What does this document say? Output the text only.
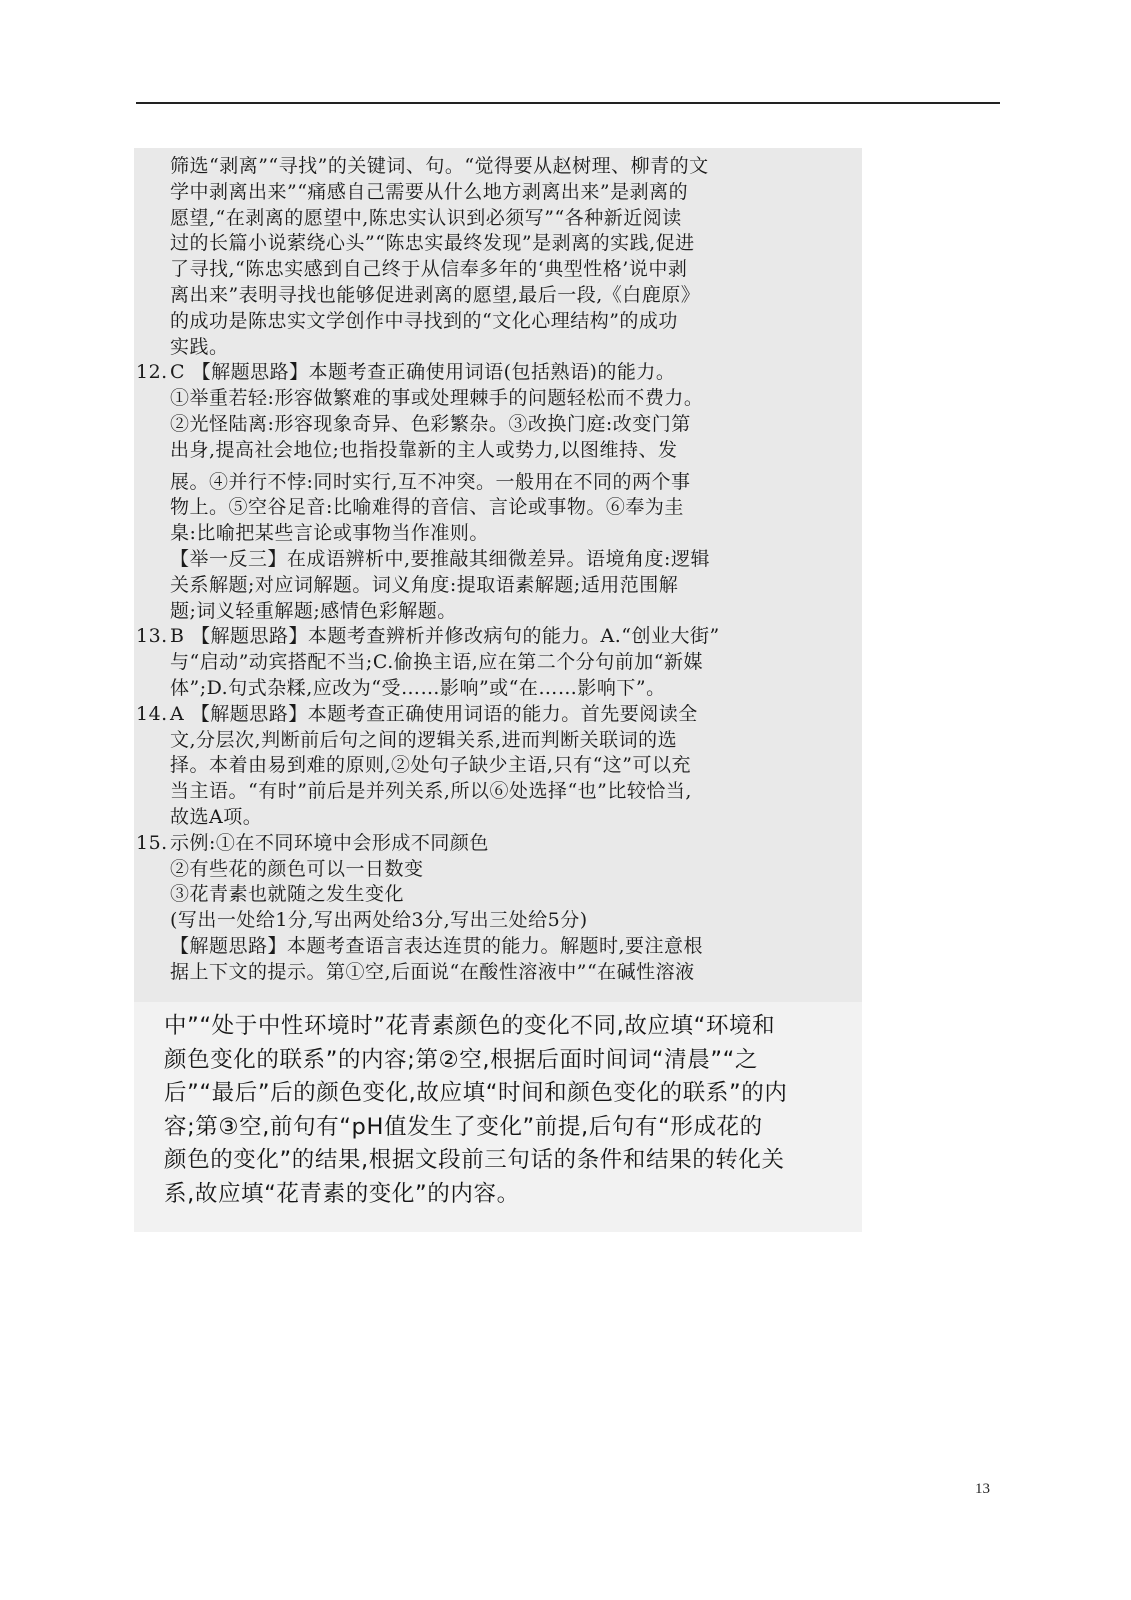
筛选“剥离”“寻找”的关键词、句。“觉得要从赵树理、柳青的文
学中剥离出来”“痛感自己需要从什么地方剥离出来”是剥离的
愿望,“在剥离的愿望中,陈忠实认识到必须写”“各种新近阅读
过的长篇小说萦绕心头”“陈忠实最终发现”是剥离的实践,促进
了寻找,“陈忠实感到自己终于从信奉多年的‘典型性格’说中剥
离出来”表明寻找也能够促进剥离的愿望,最后一段,《白鹿原》
的成功是陈忠实文学创作中寻找到的“文化心理结构”的成功
实践。
12. C 【解题思路】本题考查正确使用词语(包括熟语)的能力。
①举重若轻:形容做繁难的事或处理棘手的问题轻松而不费力。
②光怪陆离:形容现象奇异、色彩繁杂。③改换门庭:改变门第
出身,提高社会地位;也指投靠新的主人或势力,以图维持、发
展。④并行不悖:同时实行,互不冲突。一般用在不同的两个事
物上。⑤空谷足音:比喻难得的音信、言论或事物。⑥奉为圭
臬:比喻把某些言论或事物当作准则。
【举一反三】在成语辨析中,要推敲其细微差异。语境角度:逻辑
关系解题;对应词解题。词义角度:提取语素解题;适用范围解
题;词义轻重解题;感情色彩解题。
13. B 【解题思路】本题考查辨析并修改病句的能力。A.“创业大街”
与“启动”动宾搭配不当;C.偷换主语,应在第二个分句前加“新媒
体”;D.句式杂糅,应改为“受……影响”或“在……影响下”。
14. A 【解题思路】本题考查正确使用词语的能力。首先要阅读全
文,分层次,判断前后句之间的逻辑关系,进而判断关联词的选
择。本着由易到难的原则,②处句子缺少主语,只有“这”可以充
当主语。“有时”前后是并列关系,所以⑥处选择“也”比较恰当,
故选A项。
15. 示例:①在不同环境中会形成不同颜色
②有些花的颜色可以一日数变
③花青素也就随之发生变化
(写出一处给1分,写出两处给3分,写出三处给5分)
【解题思路】本题考查语言表达连贯的能力。解题时,要注意根
据上下文的提示。第①空,后面说“在酸性溶液中”“在碱性溶液
中”“处于中性环境时”花青素颜色的变化不同,故应填“环境和
颜色变化的联系”的内容;第②空,根据后面时间词“清晨”“之
后”“最后”后的颜色变化,故应填“时间和颜色变化的联系”的内
容;第③空,前句有“pH值发生了变化”前提,后句有“形成花的
颜色的变化”的结果,根据文段前三句话的条件和结果的转化关
系,故应填“花青素的变化”的内容。
13
